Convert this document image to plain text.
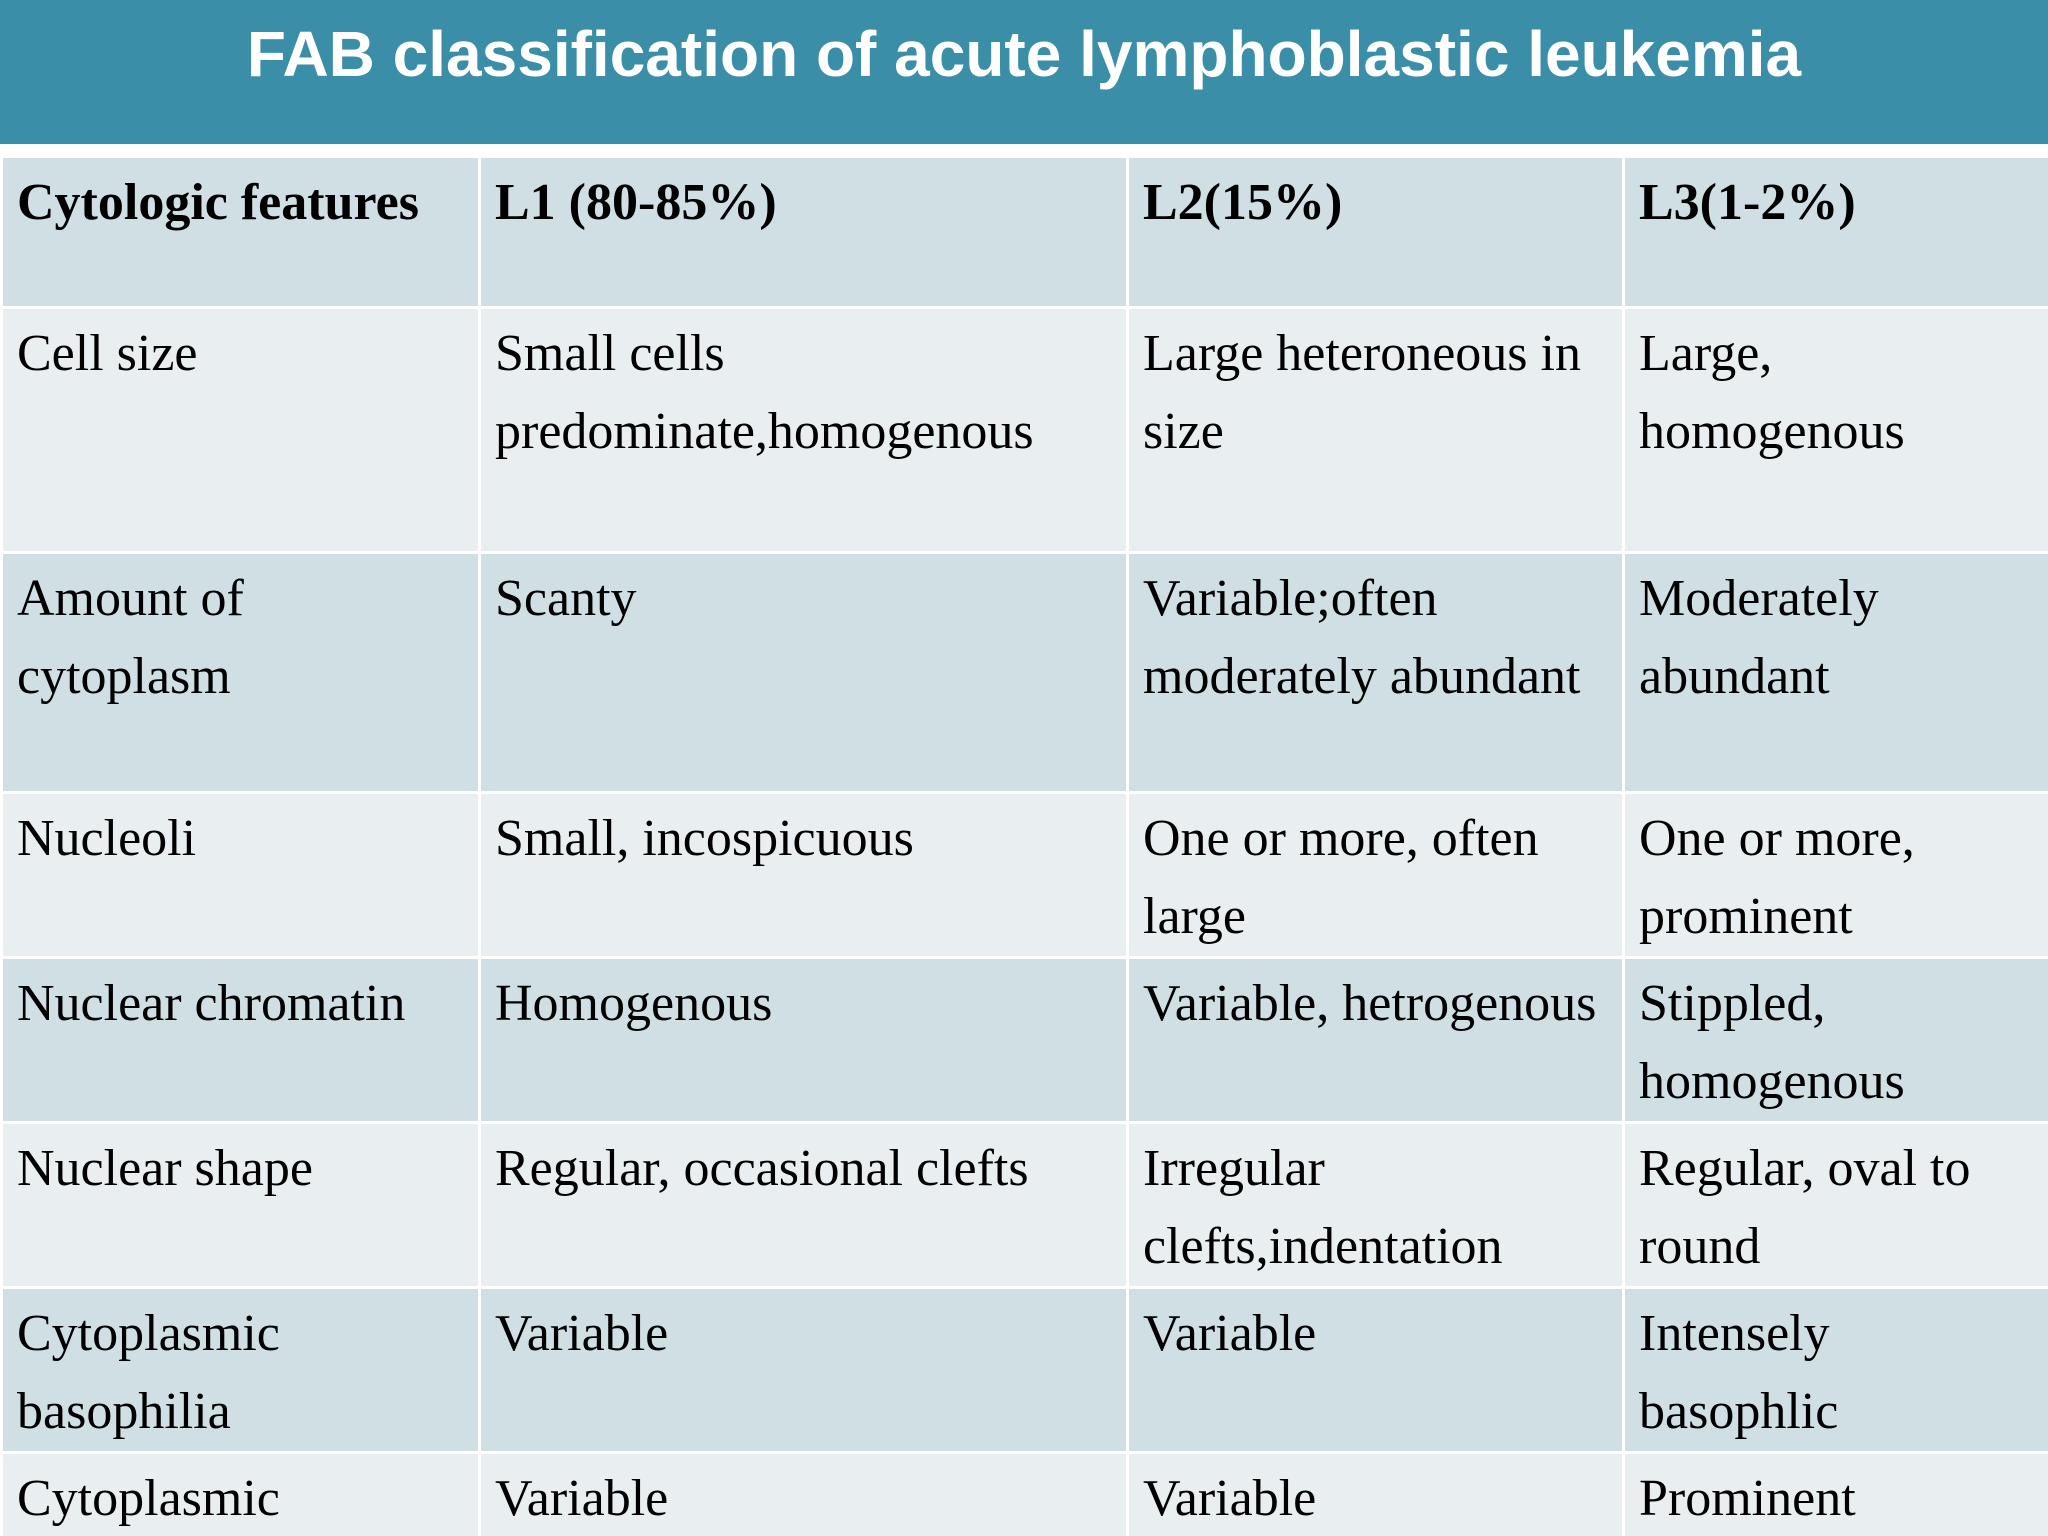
FAB classification of acute lymphoblastic leukemia
Cytologic features	L1 (80-85%)	L2(15%)	L3(1-2%)
Cell size	Small cells predominate,homogenous	Large heteroneous in size	Large, homogenous
Amount of cytoplasm	Scanty	Variable;often moderately abundant	Moderately abundant
Nucleoli	Small, incospicuous	One or more, often large	One or more, prominent
Nuclear chromatin	Homogenous	Variable, hetrogenous	Stippled, homogenous
Nuclear shape	Regular, occasional clefts	Irregular clefts,indentation	Regular, oval to round
Cytoplasmic basophilia	Variable	Variable	Intensely basophlic
Cytoplasmic	Variable	Variable	Prominent
